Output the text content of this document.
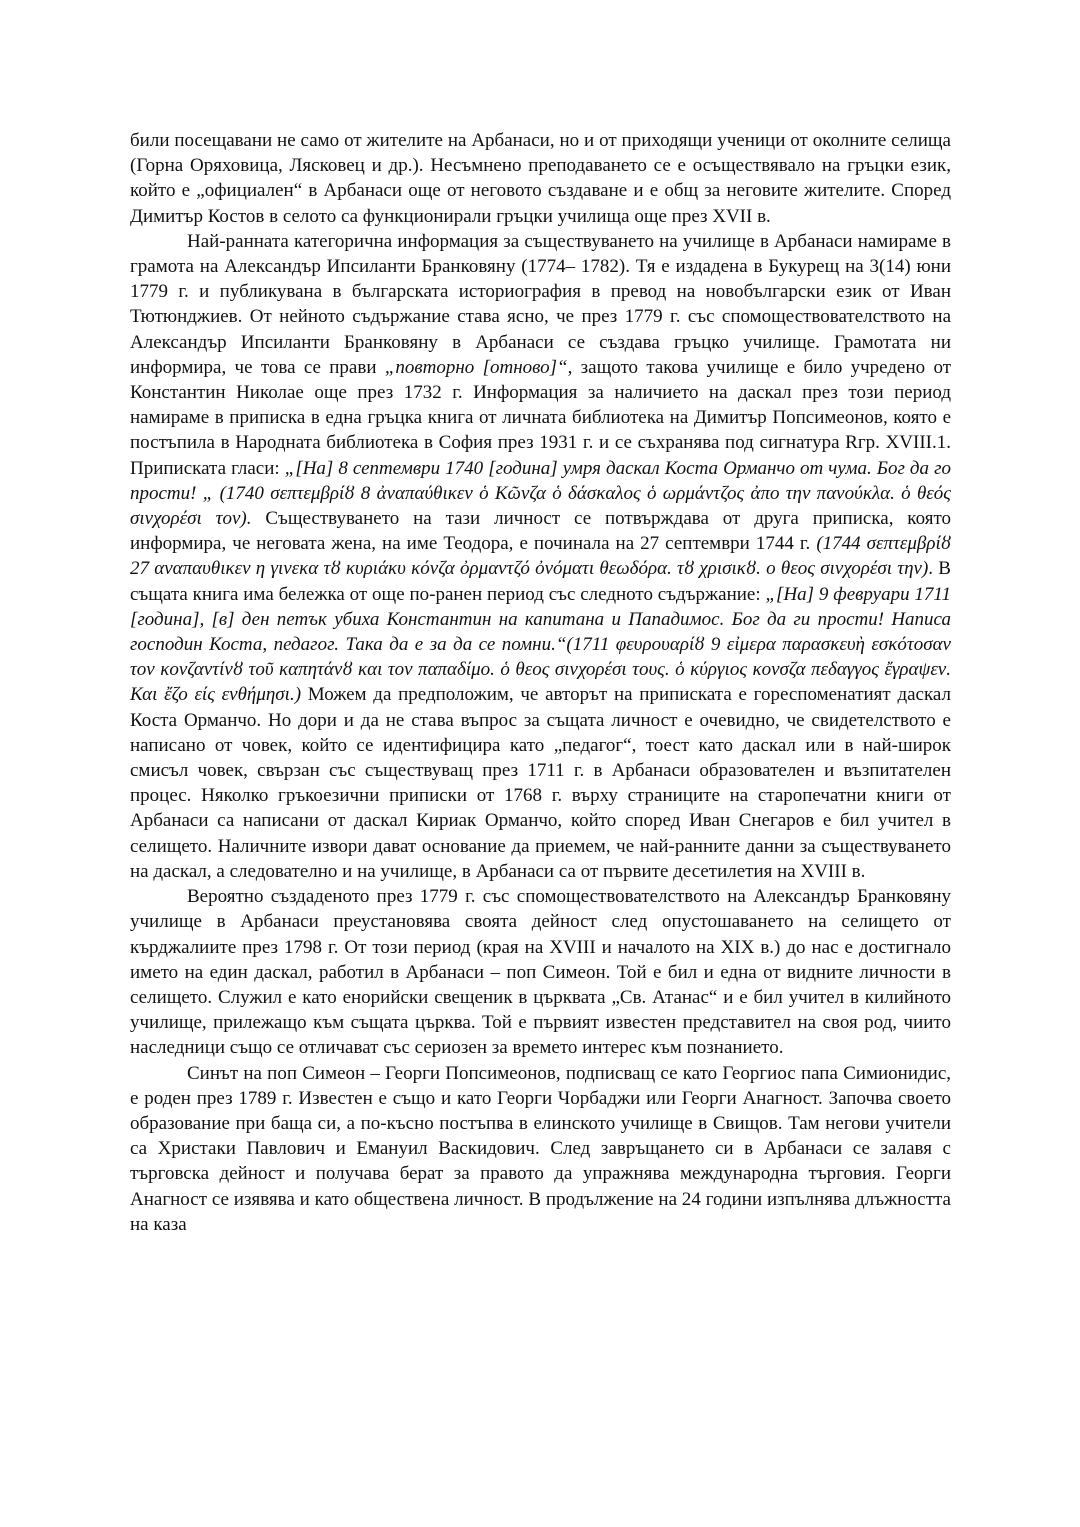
били посещавани не само от жителите на Арбанаси, но и от приходящи ученици от околните селища (Горна Оряховица, Лясковец и др.). Несъмнено преподаването се е осъществявало на гръцки език, който е „официален“ в Арбанаси още от неговото създаване и е общ за неговите жителите. Според Димитър Костов в селото са функционирали гръцки училища още през XVII в.

Най-ранната категорична информация за съществуването на училище в Арбанаси намираме в грамота на Александър Ипсиланти Бранковяну (1774– 1782). Тя е издадена в Букурещ на 3(14) юни 1779 г. и публикувана в българската историография в превод на новобългарски език от Иван Тютюнджиев. От нейното съдържание става ясно, че през 1779 г. със спомоществователството на Александър Ипсиланти Бранковяну в Арбанаси се създава гръцко училище. Грамотата ни информира, че това се прави „повторно [отново]“, защото такова училище е било учредено от Константин Николае още през 1732 г. Информация за наличието на даскал през този период намираме в приписка в една гръцка книга от личната библиотека на Димитър Попсимеонов, която е постъпила в Народната библиотека в София през 1931 г. и се съхранява под сигнатура Rгр. XVIII.1. Приписката гласи: „[На] 8 септември 1740 [година] умря даскал Коста Орманчо от чума. Бог да го прости! „ (1740 σεπτεμβρίȣ 8 ἀναπαύθικεν ὁ Κῶνζα ὁ δάσκαλος ὁ ωρμάντζος ἀπο την πανούκλα. ὁ θεός σινχορέσι τον). Съществуването на тази личност се потвърждава от друга приписка, която информира, че неговата жена, на име Теодора, е починала на 27 септември 1744 г. (1744 σεπτεμβρίȣ 27 αναπαυθικεν η γινεκα τȣ κυριάκυ κόνζα ὀρμαντζό ὀνόματι θεωδόρα. τȣ χρισικȣ. ο θεος σινχορέσι την). В същата книга има бележка от още по-ранен период със следното съдържание: „[На] 9 февруари 1711 [година], [в] ден петък убиха Константин на капитана и Пападимос. Бог да ги прости! Написа господин Коста, педагог. Така да е за да се помни.“(1711 φευρουαρίȣ 9 εἰμερα παρασκευὴ εσκότοσαν τον κονζαντίνȣ τοῦ καπητάνȣ και τον παπαδίμο. ὁ θεος σινχορέσι τους. ὁ κύργιος κονσζα πεδαγγος ἔγραψεν. Και ἔζο είς ενθήμησι.) Можем да предположим, че авторът на приписката е гореспоменатият даскал Коста Орманчо. Но дори и да не става въпрос за същата личност е очевидно, че свидетелството е написано от човек, който се идентифицира като „педагог“, тоест като даскал или в най-широк смисъл човек, свързан със съществуващ през 1711 г. в Арбанаси образователен и възпитателен процес. Няколко гръкоезични приписки от 1768 г. върху страниците на старопечатни книги от Арбанаси са написани от даскал Кириак Орманчо, който според Иван Снегаров е бил учител в селището. Наличните извори дават основание да приемем, че най-ранните данни за съществуването на даскал, а следователно и на училище, в Арбанаси са от първите десетилетия на XVIII в.

Вероятно създаденото през 1779 г. със спомоществователството на Александър Бранковяну училище в Арбанаси преустановява своята дейност след опустошаването на селището от кърджалиите през 1798 г. От този период (края на XVIII и началото на XIX в.) до нас е достигнало името на един даскал, работил в Арбанаси – поп Симеон. Той е бил и една от видните личности в селището. Служил е като енорийски свещеник в църквата „Св. Атанас“ и е бил учител в килийното училище, прилежащо към същата църква. Той е първият известен представител на своя род, чиито наследници също се отличават със сериозен за времето интерес към познанието.

Синът на поп Симеон – Георги Попсимеонов, подписващ се като Георгиос папа Симионидис, е роден през 1789 г. Известен е също и като Георги Чорбаджи или Георги Анагност. Започва своето образование при баща си, а по-късно постъпва в елинското училище в Свищов. Там негови учители са Христаки Павлович и Емануил Васкидович. След завръщането си в Арбанаси се залавя с търговска дейност и получава берат за правото да упражнява международна търговия. Георги Анагност се изявява и като обществена личност. В продължение на 24 години изпълнява длъжността на каза
